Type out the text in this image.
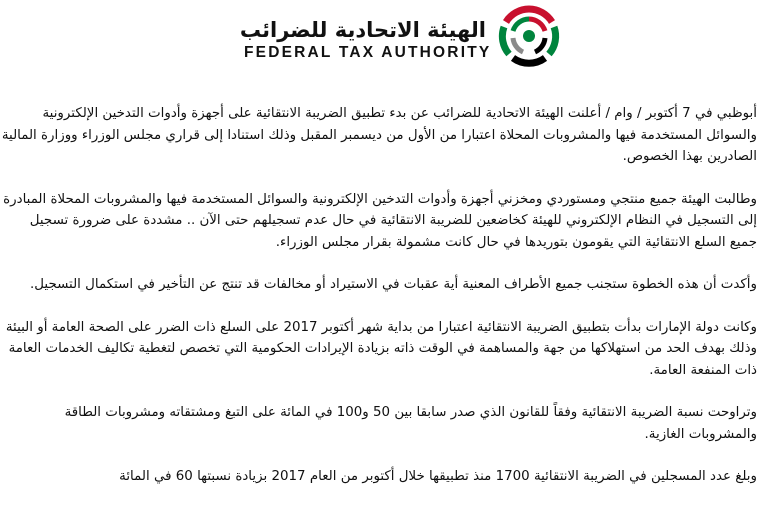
الهيئة الاتحادية للضرائب
FEDERAL TAX AUTHORITY

أبوظبي في 7 أكتوبر / وام / أعلنت الهيئة الاتحادية للضرائب عن بدء تطبيق الضريبة الانتقائية على أجهزة وأدوات التدخين الإلكترونية والسوائل المستخدمة فيها والمشروبات المحلاة اعتبارا من الأول من ديسمبر المقبل وذلك استنادا إلى قراري مجلس الوزراء ووزارة المالية الصادرين بهذا الخصوص.

وطالبت الهيئة جميع منتجي ومستوردي ومخزني أجهزة وأدوات التدخين الإلكترونية والسوائل المستخدمة فيها والمشروبات المحلاة المبادرة إلى التسجيل في النظام الإلكتروني للهيئة كخاضعين للضريبة الانتقائية في حال عدم تسجيلهم حتى الآن .. مشددة على ضرورة تسجيل جميع السلع الانتقائية التي يقومون بتوريدها في حال كانت مشمولة بقرار مجلس الوزراء.

وأكدت أن هذه الخطوة ستجنب جميع الأطراف المعنية أية عقبات في الاستيراد أو مخالفات قد تنتج عن التأخير في استكمال التسجيل.

وكانت دولة الإمارات بدأت بتطبيق الضريبة الانتقائية اعتبارا من بداية شهر أكتوبر 2017 على السلع ذات الضرر على الصحة العامة أو البيئة وذلك بهدف الحد من استهلاكها من جهة والمساهمة في الوقت ذاته بزيادة الإيرادات الحكومية التي تخصص لتغطية تكاليف الخدمات العامة ذات المنفعة العامة.

وتراوحت نسبة الضريبة الانتقائية وفقاً للقانون الذي صدر سابقا بين 50 و100 في المائة على التبغ ومشتقاته ومشروبات الطاقة والمشروبات الغازية.

وبلغ عدد المسجلين في الضريبة الانتقائية 1700 منذ تطبيقها خلال أكتوبر من العام 2017 بزيادة نسبتها 60 في المائة
